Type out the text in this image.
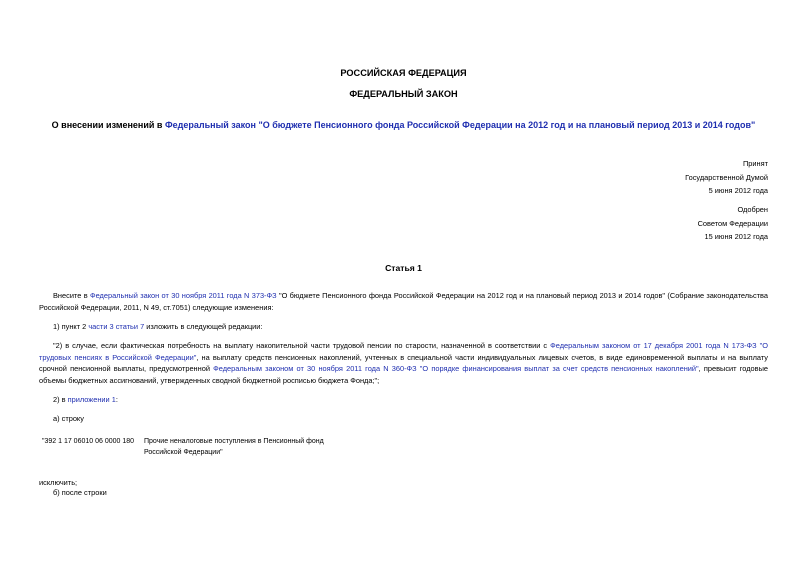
РОССИЙСКАЯ ФЕДЕРАЦИЯ
ФЕДЕРАЛЬНЫЙ ЗАКОН
О внесении изменений в Федеральный закон "О бюджете Пенсионного фонда Российской Федерации на 2012 год и на плановый период 2013 и 2014 годов"
Принят
Государственной Думой
5 июня 2012 года
Одобрен
Советом Федерации
15 июня 2012 года
Статья 1
Внесите в Федеральный закон от 30 ноября 2011 года N 373-ФЗ "О бюджете Пенсионного фонда Российской Федерации на 2012 год и на плановый период 2013 и 2014 годов" (Собрание законодательства Российской Федерации, 2011, N 49, ст.7051) следующие изменения:
1) пункт 2 части 3 статьи 7 изложить в следующей редакции:
"2) в случае, если фактическая потребность на выплату накопительной части трудовой пенсии по старости, назначенной в соответствии с Федеральным законом от 17 декабря 2001 года N 173-ФЗ "О трудовых пенсиях в Российской Федерации", на выплату средств пенсионных накоплений, учтенных в специальной части индивидуальных лицевых счетов, в виде единовременной выплаты и на выплату срочной пенсионной выплаты, предусмотренной Федеральным законом от 30 ноября 2011 года N 360-ФЗ "О порядке финансирования выплат за счет средств пенсионных накоплений", превысит годовые объемы бюджетных ассигнований, утвержденных сводной бюджетной росписью бюджета Фонда;";
2) в приложении 1:
а) строку
"392 1 17 06010 06 0000 180 Прочие неналоговые поступления в Пенсионный фонд Российской Федерации"
исключить;
б) после строки
